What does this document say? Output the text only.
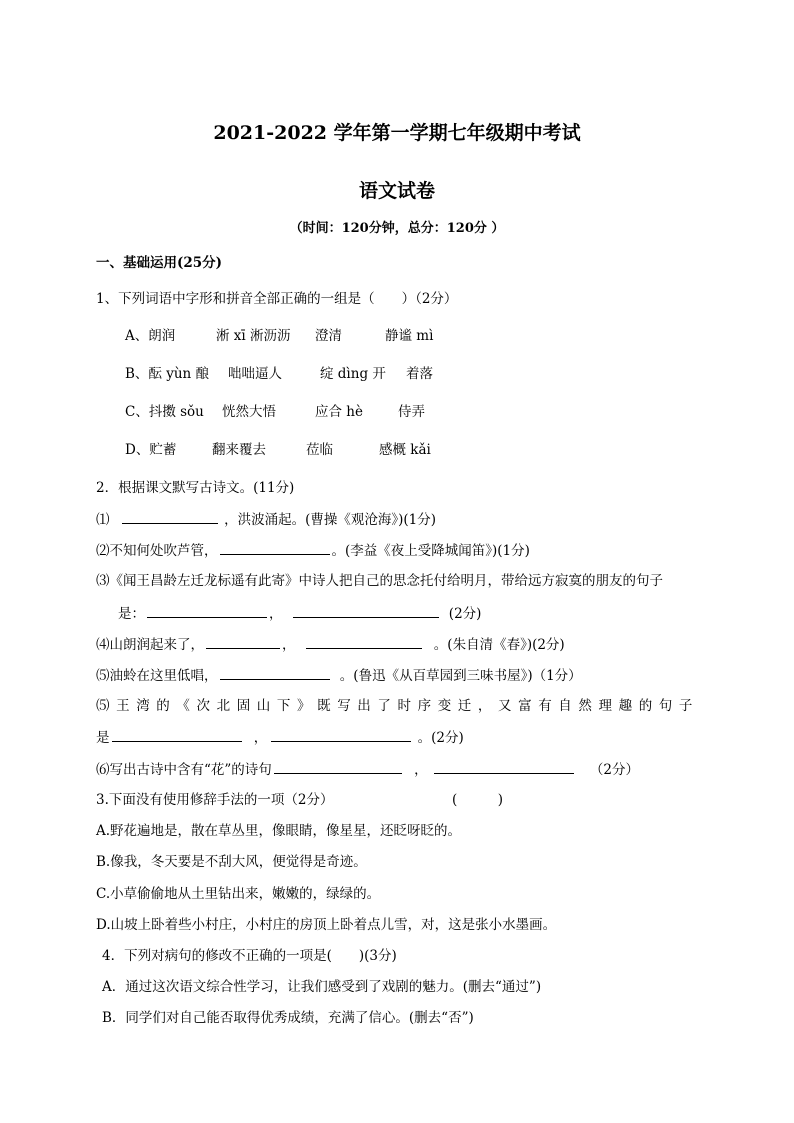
2021-2022 学年第一学期七年级期中考试
语文试卷
（时间：120分钟，总分：120分 ）
一、基础运用(25分)
1、下列词语中字形和拼音全部正确的一组是（　　）（2分）
A、朗润	淅 xī 淅沥沥 澄清	静谧 mì
B、酝 yùn 酿 咄咄逼人	绽 dìng 开 着落
C、抖擞 sǒu 恍然大悟	应合 hè	侍弄
D、贮蓄	翻来覆去	莅临	感概 kǎi
2．根据课文默写古诗文。(11分)
⑴	，洪波涌起。(曹操《观沧海》)(1分)
⑵不知何处吹芦管，	。(李益《夜上受降城闻笛》)(1分)
⑶《闻王昌龄左迁龙标遥有此寄》中诗人把自己的思念托付给明月，带给远方寂寞的朋友的句子
是：	，	(2分)
⑷山朗润起来了，	，	。(朱自清《春》)(2分)
⑸油蛉在这里低唱，	。(鲁迅《从百草园到三味书屋》)（1分）
⑸王湾的《次北固山下》既写出了时序变迁，又富有自然理趣的句子
是	，	。(2分)
⑹写出古诗中含有“花”的诗句	，	（2分）
3.下面没有使用修辞手法的一项（2分）	(　　　)
A.野花遍地是，散在草丛里，像眼睛，像星星，还眨呀眨的。
B.像我，冬天要是不刮大风，便觉得是奇迹。
C.小草偷偷地从土里钻出来，嫩嫩的，绿绿的。
D.山坡上卧着些小村庄，小村庄的房顶上卧着点儿雪，对，这是张小水墨画。
4．下列对病句的修改不正确的一项是(　　)(3分)
A．通过这次语文综合性学习，让我们感受到了戏剧的魅力。(删去“通过”)
B．同学们对自己能否取得优秀成绩，充满了信心。(删去“否”)
